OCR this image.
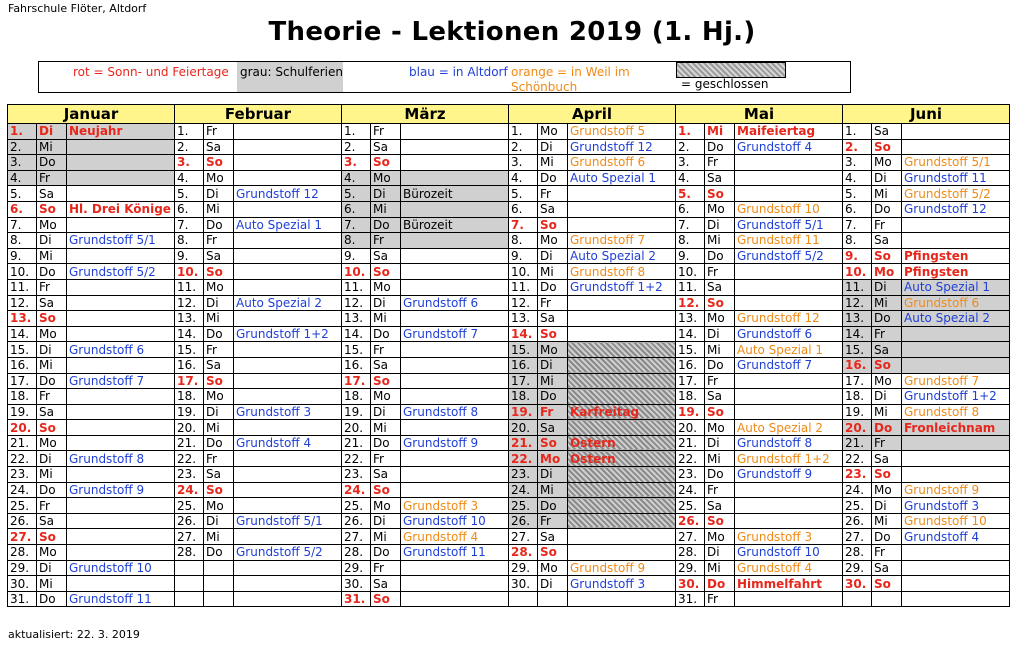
Fahrschule Flöter, Altdorf
Theorie - Lektionen 2019 (1. Hj.)
rot = Sonn- und Feiertage grau: Schulferien	blau = in Altdorf orange = in Weil im Schönbuch	= geschlossen
Januar			Februar			März			April			Mai			Juni		
1.	Di	Neujahr	1.	Fr		1.	Fr		1.	Mo	Grundstoff 5	1.	Mi	Maifeiertag	1.	Sa	
2.	Mi		2.	Sa		2.	Sa		2.	Di	Grundstoff 12	2.	Do	Grundstoff 4	2.	So	
3.	Do		3.	So		3.	So		3.	Mi	Grundstoff 6	3.	Fr		3.	Mo	Grundstoff 5/1
4.	Fr		4.	Mo		4.	Mo		4.	Do	Auto Spezial 1	4.	Sa		4.	Di	Grundstoff 11
5.	Sa		5.	Di	Grundstoff 12	5.	Di	Bürozeit	5.	Fr		5.	So		5.	Mi	Grundstoff 5/2
6.	So	Hl. Drei Könige	6.	Mi		6.	Mi		6.	Sa		6.	Mo	Grundstoff 10	6.	Do	Grundstoff 12
7.	Mo		7.	Do	Auto Spezial 1	7.	Do	Bürozeit	7.	So		7.	Di	Grundstoff 5/1	7.	Fr	
8.	Di	Grundstoff 5/1	8.	Fr		8.	Fr		8.	Mo	Grundstoff 7	8.	Mi	Grundstoff 11	8.	Sa	
9.	Mi		9.	Sa		9.	Sa		9.	Di	Auto Spezial 2	9.	Do	Grundstoff 5/2	9.	So	Pfingsten
10.	Do	Grundstoff 5/2	10.	So		10.	So		10.	Mi	Grundstoff 8	10.	Fr		10.	Mo	Pfingsten
11.	Fr		11.	Mo		11.	Mo		11.	Do	Grundstoff 1+2	11.	Sa		11.	Di	Auto Spezial 1
12.	Sa		12.	Di	Auto Spezial 2	12.	Di	Grundstoff 6	12.	Fr		12.	So		12.	Mi	Grundstoff 6
13.	So		13.	Mi		13.	Mi		13.	Sa		13.	Mo	Grundstoff 12	13.	Do	Auto Spezial 2
14.	Mo		14.	Do	Grundstoff 1+2	14.	Do	Grundstoff 7	14.	So		14.	Di	Grundstoff 6	14.	Fr	
15.	Di	Grundstoff 6	15.	Fr		15.	Fr		15.	Mo		15.	Mi	Auto Spezial 1	15.	Sa	
16.	Mi		16.	Sa		16.	Sa		16.	Di		16.	Do	Grundstoff 7	16.	So	
17.	Do	Grundstoff 7	17.	So		17.	So		17.	Mi		17.	Fr		17.	Mo	Grundstoff 7
18.	Fr		18.	Mo		18.	Mo		18.	Do		18.	Sa		18.	Di	Grundstoff 1+2
19.	Sa		19.	Di	Grundstoff 3	19.	Di	Grundstoff 8	19.	Fr	Karfreitag	19.	So		19.	Mi	Grundstoff 8
20.	So		20.	Mi		20.	Mi		20.	Sa		20.	Mo	Auto Spezial 2	20.	Do	Fronleichnam
21.	Mo		21.	Do	Grundstoff 4	21.	Do	Grundstoff 9	21.	So	Ostern	21.	Di	Grundstoff 8	21.	Fr	
22.	Di	Grundstoff 8	22.	Fr		22.	Fr		22.	Mo	Ostern	22.	Mi	Grundstoff 1+2	22.	Sa	
23.	Mi		23.	Sa		23.	Sa		23.	Di		23.	Do	Grundstoff 9	23.	So	
24.	Do	Grundstoff 9	24.	So		24.	So		24.	Mi		24.	Fr		24.	Mo	Grundstoff 9
25.	Fr		25.	Mo		25.	Mo	Grundstoff 3	25.	Do		25.	Sa		25.	Di	Grundstoff 3
26.	Sa		26.	Di	Grundstoff 5/1	26.	Di	Grundstoff 10	26.	Fr		26.	So		26.	Mi	Grundstoff 10
27.	So		27.	Mi		27.	Mi	Grundstoff 4	27.	Sa		27.	Mo	Grundstoff 3	27.	Do	Grundstoff 4
28.	Mo		28.	Do	Grundstoff 5/2	28.	Do	Grundstoff 11	28.	So		28.	Di	Grundstoff 10	28.	Fr	
29.	Di	Grundstoff 10				29.	Fr		29.	Mo	Grundstoff 9	29.	Mi	Grundstoff 4	29.	Sa	
30.	Mi					30.	Sa		30.	Di	Grundstoff 3	30.	Do	Himmelfahrt	30.	So	
31.	Do	Grundstoff 11				31.	So					31.	Fr				
aktualisiert: 22. 3. 2019
